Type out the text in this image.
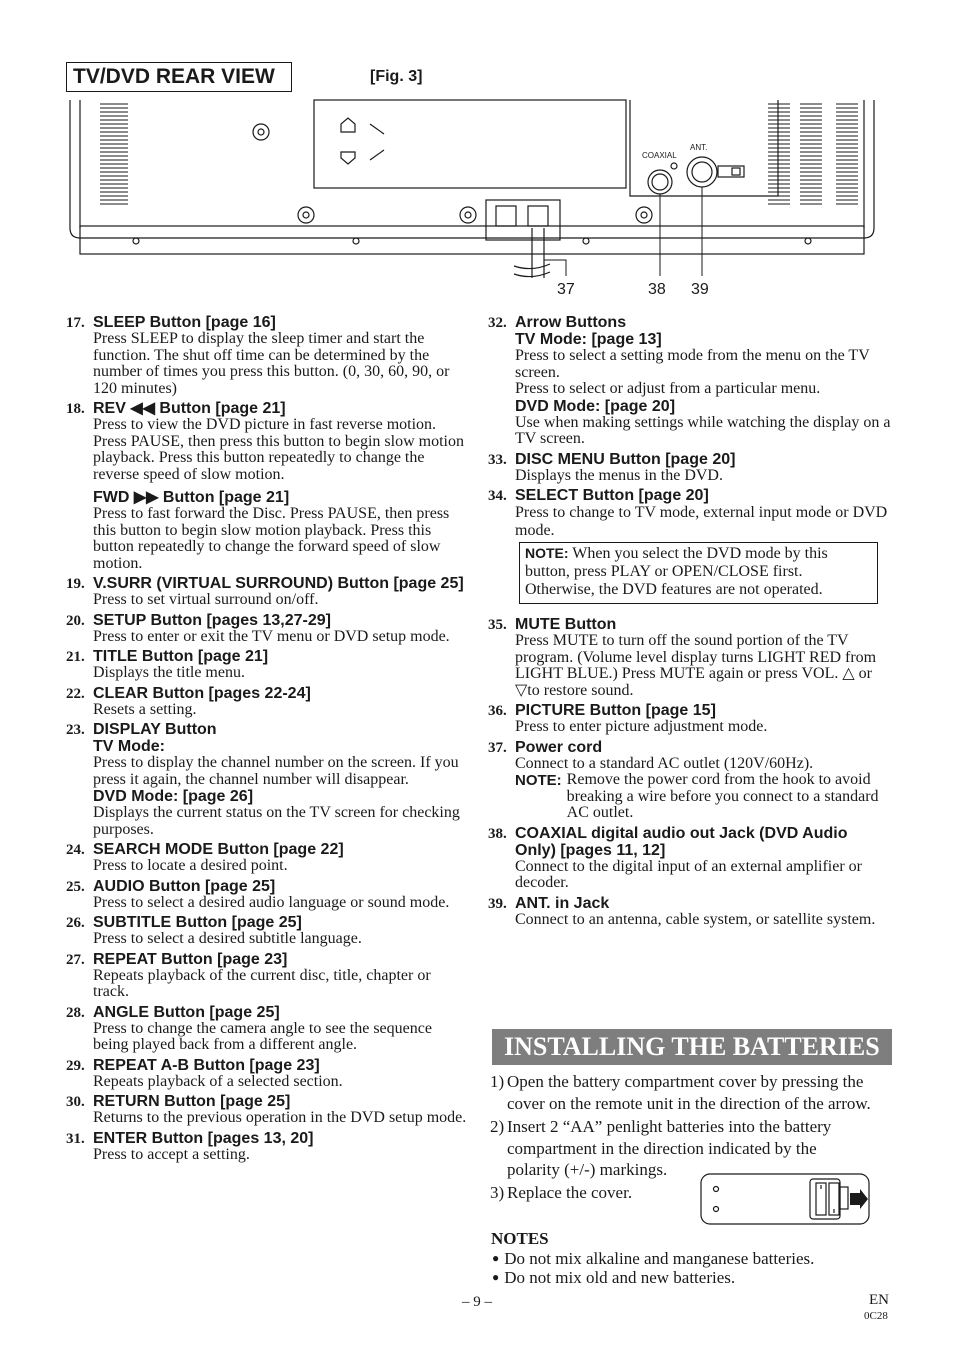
TV/DVD REAR VIEW	[Fig. 3]
COAXIAL
ANT.
37	38 39
17. SLEEP Button [page 16]
Press SLEEP to display the sleep timer and start the function. The shut off time can be determined by the number of times you press this button. (0, 30, 60, 90, or 120 minutes)
18. REV ◀◀ Button [page 21]
Press to view the DVD picture in fast reverse motion. Press PAUSE, then press this button to begin slow motion playback. Press this button repeatedly to change the reverse speed of slow motion.
FWD ▶▶ Button [page 21]
Press to fast forward the Disc. Press PAUSE, then press this button to begin slow motion playback. Press this button repeatedly to change the forward speed of slow motion.
19. V.SURR (VIRTUAL SURROUND) Button [page 25]
Press to set virtual surround on/off.
20. SETUP Button [pages 13,27-29]
Press to enter or exit the TV menu or DVD setup mode.
21. TITLE Button [page 21]
Displays the title menu.
22. CLEAR Button [pages 22-24]
Resets a setting.
23. DISPLAY Button
TV Mode:
Press to display the channel number on the screen. If you press it again, the channel number will disappear.
DVD Mode: [page 26]
Displays the current status on the TV screen for checking purposes.
24. SEARCH MODE Button [page 22]
Press to locate a desired point.
25. AUDIO Button [page 25]
Press to select a desired audio language or sound mode.
26. SUBTITLE Button [page 25]
Press to select a desired subtitle language.
27. REPEAT Button [page 23]
Repeats playback of the current disc, title, chapter or track.
28. ANGLE Button [page 25]
Press to change the camera angle to see the sequence being played back from a different angle.
29. REPEAT A-B Button [page 23]
Repeats playback of a selected section.
30. RETURN Button [page 25]
Returns to the previous operation in the DVD setup mode.
31. ENTER Button [pages 13, 20]
Press to accept a setting.
32. Arrow Buttons
TV Mode: [page 13]
Press to select a setting mode from the menu on the TV screen.
Press to select or adjust from a particular menu.
DVD Mode: [page 20]
Use when making settings while watching the display on a TV screen.
33. DISC MENU Button [page 20]
Displays the menus in the DVD.
34. SELECT Button [page 20]
Press to change to TV mode, external input mode or DVD mode.
NOTE: When you select the DVD mode by this button, press PLAY or OPEN/CLOSE first. Otherwise, the DVD features are not operated.
35. MUTE Button
Press MUTE to turn off the sound portion of the TV program. (Volume level display turns LIGHT RED from LIGHT BLUE.) Press MUTE again or press VOL. △ or ▽to restore sound.
36. PICTURE Button [page 15]
Press to enter picture adjustment mode.
37. Power cord
Connect to a standard AC outlet (120V/60Hz).
NOTE: Remove the power cord from the hook to avoid breaking a wire before you connect to a standard AC outlet.
38. COAXIAL digital audio out Jack (DVD Audio Only) [pages 11, 12]
Connect to the digital input of an external amplifier or decoder.
39. ANT. in Jack
Connect to an antenna, cable system, or satellite system.
INSTALLING THE BATTERIES
1) Open the battery compartment cover by pressing the cover on the remote unit in the direction of the arrow.
2) Insert 2 “AA” penlight batteries into the battery compartment in the direction indicated by the polarity (+/-) markings.
3) Replace the cover.
NOTES
● Do not mix alkaline and manganese batteries.
● Do not mix old and new batteries.
– 9 –	EN
0C28
